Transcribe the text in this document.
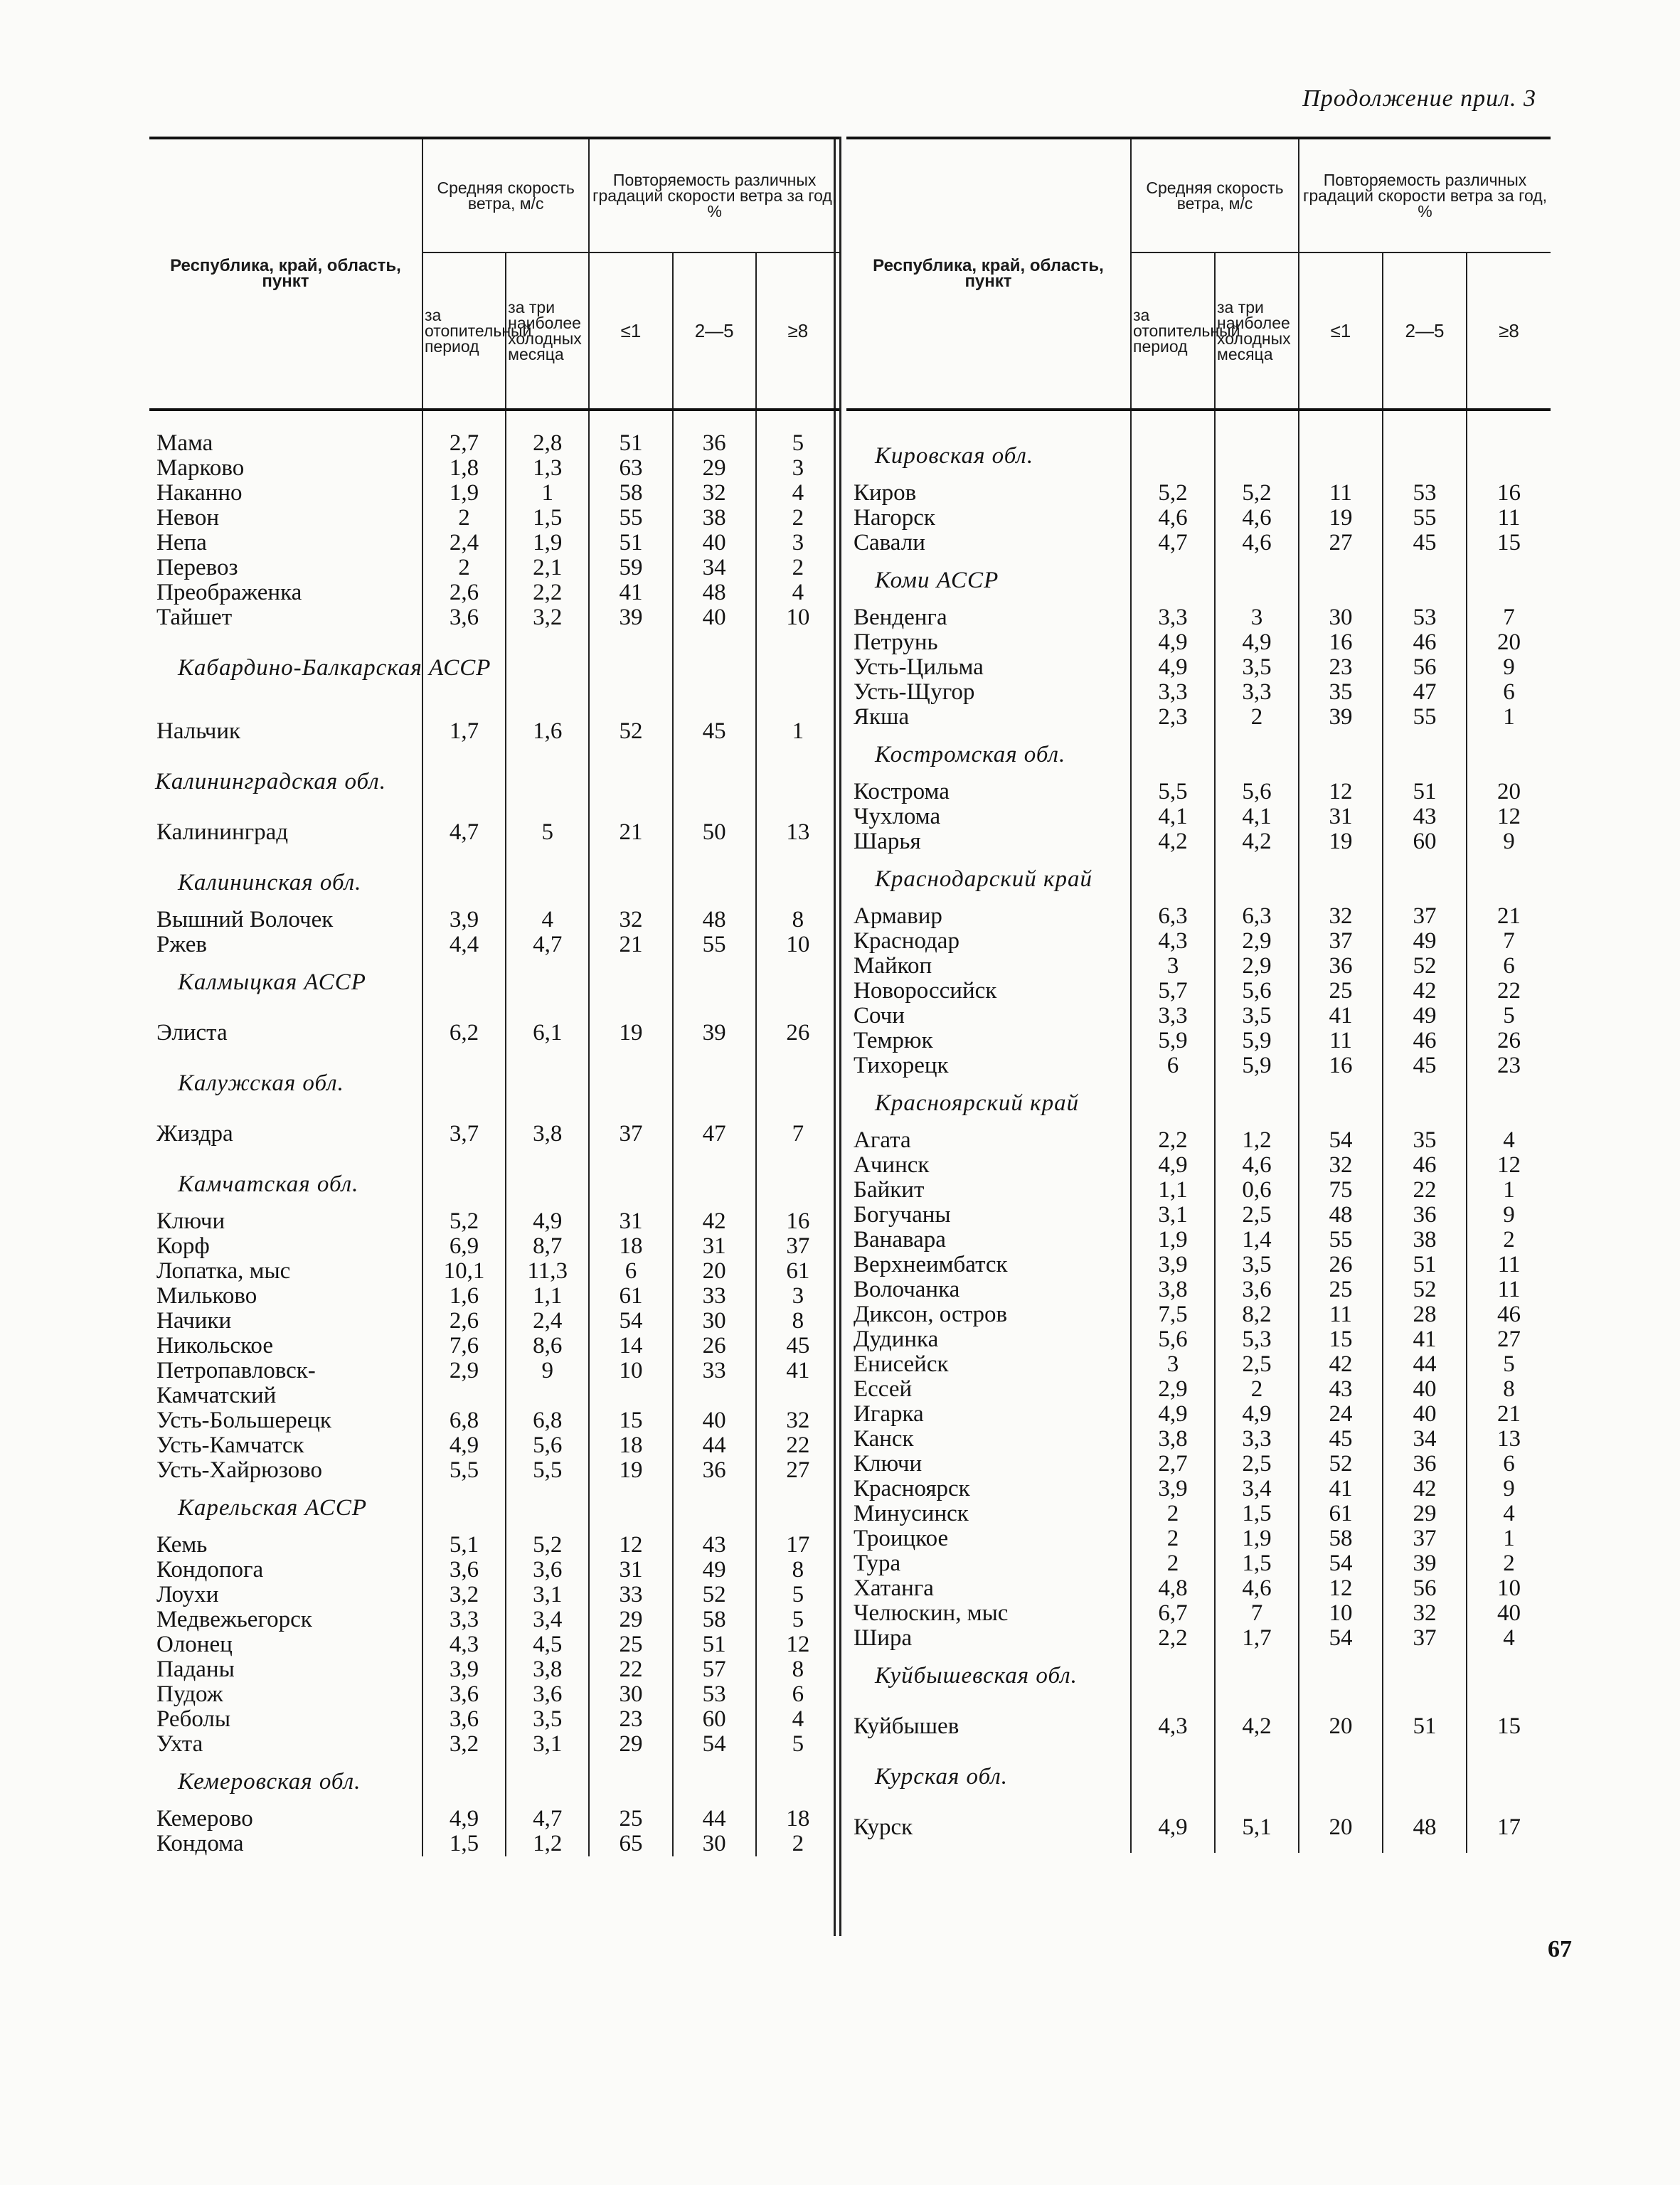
Продолжение прил. 3
Республика, край, область, пункт	Средняя скорость ветра, м/с		Повторяемость различных градаций скорости ветра за год, %		
	за отопительный период	за три наиболее холодных месяца	≤1	2—5	≥8
Мама	2,7	2,8	51	36	5
Марково	1,8	1,3	63	29	3
Наканно	1,9	1	58	32	4
Невон	2	1,5	55	38	2
Непа	2,4	1,9	51	40	3
Перевоз	2	2,1	59	34	2
Преображенка	2,6	2,2	41	48	4
Тайшет	3,6	3,2	39	40	10
Кабардино-Балкарская АССР					
Нальчик	1,7	1,6	52	45	1
Калининградская обл.					
Калининград	4,7	5	21	50	13
Калининская обл.					
Вышний Волочек	3,9	4	32	48	8
Ржев	4,4	4,7	21	55	10
Калмыцкая АССР					
Элиста	6,2	6,1	19	39	26
Калужская обл.					
Жиздра	3,7	3,8	37	47	7
Камчатская обл.					
Ключи	5,2	4,9	31	42	16
Корф	6,9	8,7	18	31	37
Лопатка, мыс	10,1	11,3	6	20	61
Мильково	1,6	1,1	61	33	3
Начики	2,6	2,4	54	30	8
Никольское	7,6	8,6	14	26	45
Петропавловск-	2,9	9	10	33	41
Камчатский					
Усть-Большерецк	6,8	6,8	15	40	32
Усть-Камчатск	4,9	5,6	18	44	22
Усть-Хайрюзово	5,5	5,5	19	36	27
Карельская АССР					
Кемь	5,1	5,2	12	43	17
Кондопога	3,6	3,6	31	49	8
Лоухи	3,2	3,1	33	52	5
Медвежьегорск	3,3	3,4	29	58	5
Олонец	4,3	4,5	25	51	12
Паданы	3,9	3,8	22	57	8
Пудож	3,6	3,6	30	53	6
Реболы	3,6	3,5	23	60	4
Ухта	3,2	3,1	29	54	5
Кемеровская обл.					
Кемерово	4,9	4,7	25	44	18
Кондома	1,5	1,2	65	30	2
Республика, край, область, пункт	Средняя скорость ветра, м/с		Повторяемость различных градаций скорости ветра за год, %		
	за отопительный период	за три наиболее холодных месяца	≤1	2—5	≥8
Кировская обл.					
Киров	5,2	5,2	11	53	16
Нагорск	4,6	4,6	19	55	11
Савали	4,7	4,6	27	45	15
Коми АССР					
Венденга	3,3	3	30	53	7
Петрунь	4,9	4,9	16	46	20
Усть-Цильма	4,9	3,5	23	56	9
Усть-Щугор	3,3	3,3	35	47	6
Якша	2,3	2	39	55	1
Костромская обл.					
Кострома	5,5	5,6	12	51	20
Чухлома	4,1	4,1	31	43	12
Шарья	4,2	4,2	19	60	9
Краснодарский край					
Армавир	6,3	6,3	32	37	21
Краснодар	4,3	2,9	37	49	7
Майкоп	3	2,9	36	52	6
Новороссийск	5,7	5,6	25	42	22
Сочи	3,3	3,5	41	49	5
Темрюк	5,9	5,9	11	46	26
Тихорецк	6	5,9	16	45	23
Красноярский край					
Агата	2,2	1,2	54	35	4
Ачинск	4,9	4,6	32	46	12
Байкит	1,1	0,6	75	22	1
Богучаны	3,1	2,5	48	36	9
Ванавара	1,9	1,4	55	38	2
Верхнеимбатск	3,9	3,5	26	51	11
Волочанка	3,8	3,6	25	52	11
Диксон, остров	7,5	8,2	11	28	46
Дудинка	5,6	5,3	15	41	27
Енисейск	3	2,5	42	44	5
Ессей	2,9	2	43	40	8
Игарка	4,9	4,9	24	40	21
Канск	3,8	3,3	45	34	13
Ключи	2,7	2,5	52	36	6
Красноярск	3,9	3,4	41	42	9
Минусинск	2	1,5	61	29	4
Троицкое	2	1,9	58	37	1
Тура	2	1,5	54	39	2
Хатанга	4,8	4,6	12	56	10
Челюскин, мыс	6,7	7	10	32	40
Шира	2,2	1,7	54	37	4
Куйбышевская обл.					
Куйбышев	4,3	4,2	20	51	15
Курская обл.					
Курск	4,9	5,1	20	48	17
67
